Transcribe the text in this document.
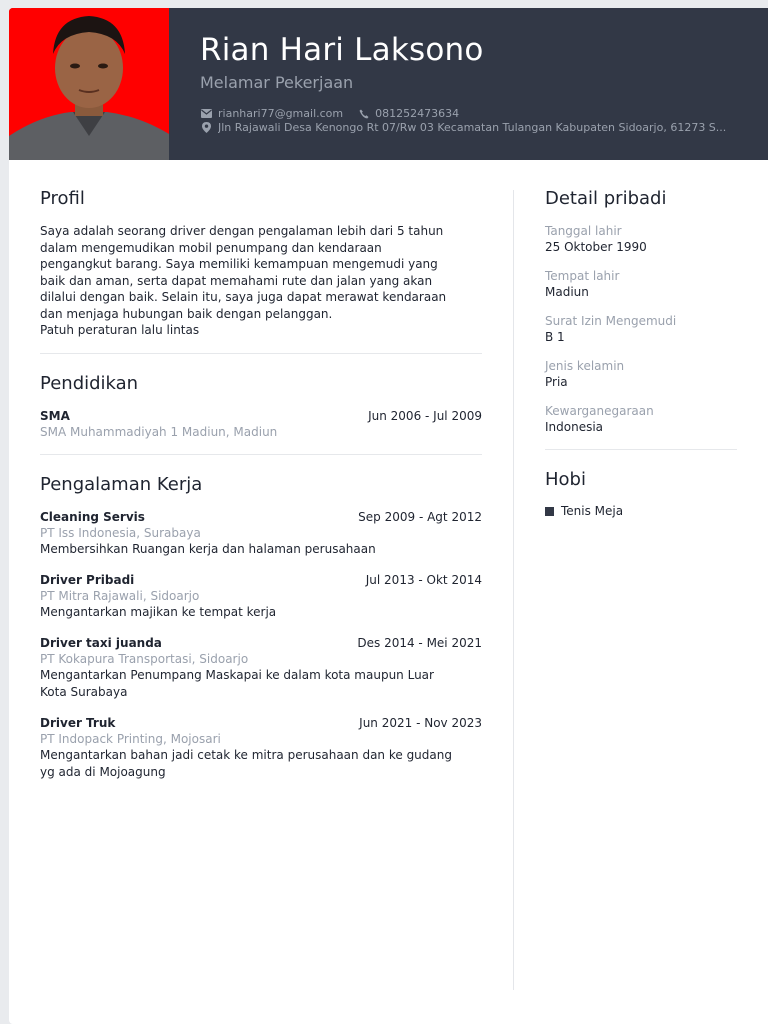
Rian Hari Laksono
Melamar Pekerjaan
rianhari77@gmail.com	081252473634
Jln Rajawali Desa Kenongo Rt 07/Rw 03 Kecamatan Tulangan Kabupaten Sidoarjo, 61273 S...
Profil
Saya adalah seorang driver dengan pengalaman lebih dari 5 tahun
dalam mengemudikan mobil penumpang dan kendaraan
pengangkut barang. Saya memiliki kemampuan mengemudi yang
baik dan aman, serta dapat memahami rute dan jalan yang akan
dilalui dengan baik. Selain itu, saya juga dapat merawat kendaraan
dan menjaga hubungan baik dengan pelanggan.
Patuh peraturan lalu lintas
Pendidikan
SMA	Jun 2006 - Jul 2009
SMA Muhammadiyah 1 Madiun, Madiun
Pengalaman Kerja
Cleaning Servis	Sep 2009 - Agt 2012
PT Iss Indonesia, Surabaya
Membersihkan Ruangan kerja dan halaman perusahaan
Driver Pribadi	Jul 2013 - Okt 2014
PT Mitra Rajawali, Sidoarjo
Mengantarkan majikan ke tempat kerja
Driver taxi juanda	Des 2014 - Mei 2021
PT Kokapura Transportasi, Sidoarjo
Mengantarkan Penumpang Maskapai ke dalam kota maupun Luar
Kota Surabaya
Driver Truk	Jun 2021 - Nov 2023
PT Indopack Printing, Mojosari
Mengantarkan bahan jadi cetak ke mitra perusahaan dan ke gudang
yg ada di Mojoagung
Detail pribadi
Tanggal lahir
25 Oktober 1990
Tempat lahir
Madiun
Surat Izin Mengemudi
B 1
Jenis kelamin
Pria
Kewarganegaraan
Indonesia
Hobi
Tenis Meja
